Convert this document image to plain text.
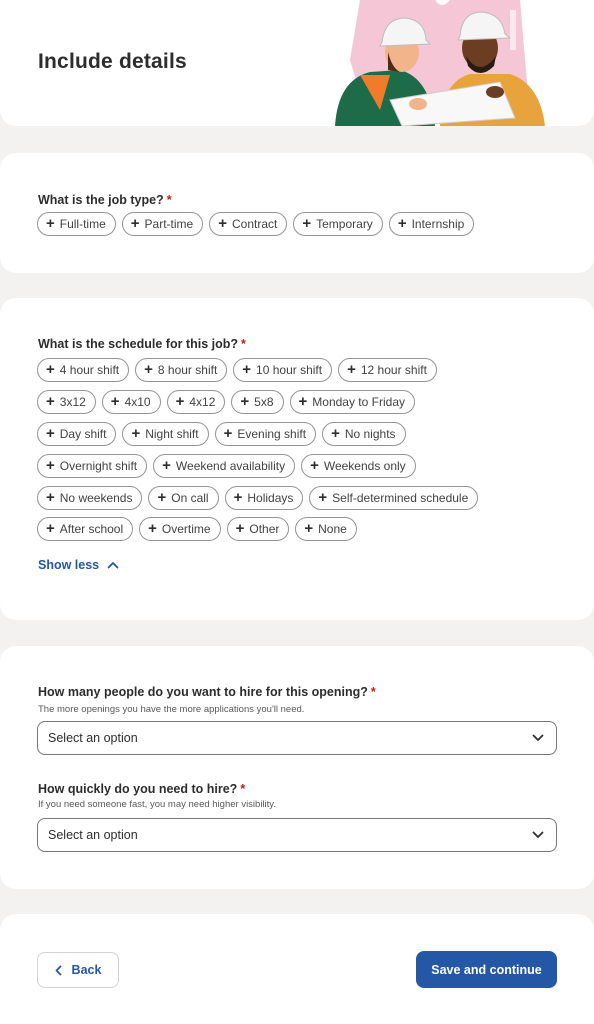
Include details
What is the job type? *
+ Full-time + Part-time + Contract + Temporary + Internship
What is the schedule for this job? *
+ 4 hour shift + 8 hour shift + 10 hour shift + 12 hour shift
+ 3x12 + 4x10 + 4x12 + 5x8 + Monday to Friday
+ Day shift + Night shift + Evening shift + No nights
+ Overnight shift + Weekend availability + Weekends only
+ No weekends + On call + Holidays + Self-determined schedule
+ After school + Overtime + Other + None
Show less
How many people do you want to hire for this opening? *
The more openings you have the more applications you'll need.
Select an option
How quickly do you need to hire? *
If you need someone fast, you may need higher visibility.
Select an option
Back	Save and continue
